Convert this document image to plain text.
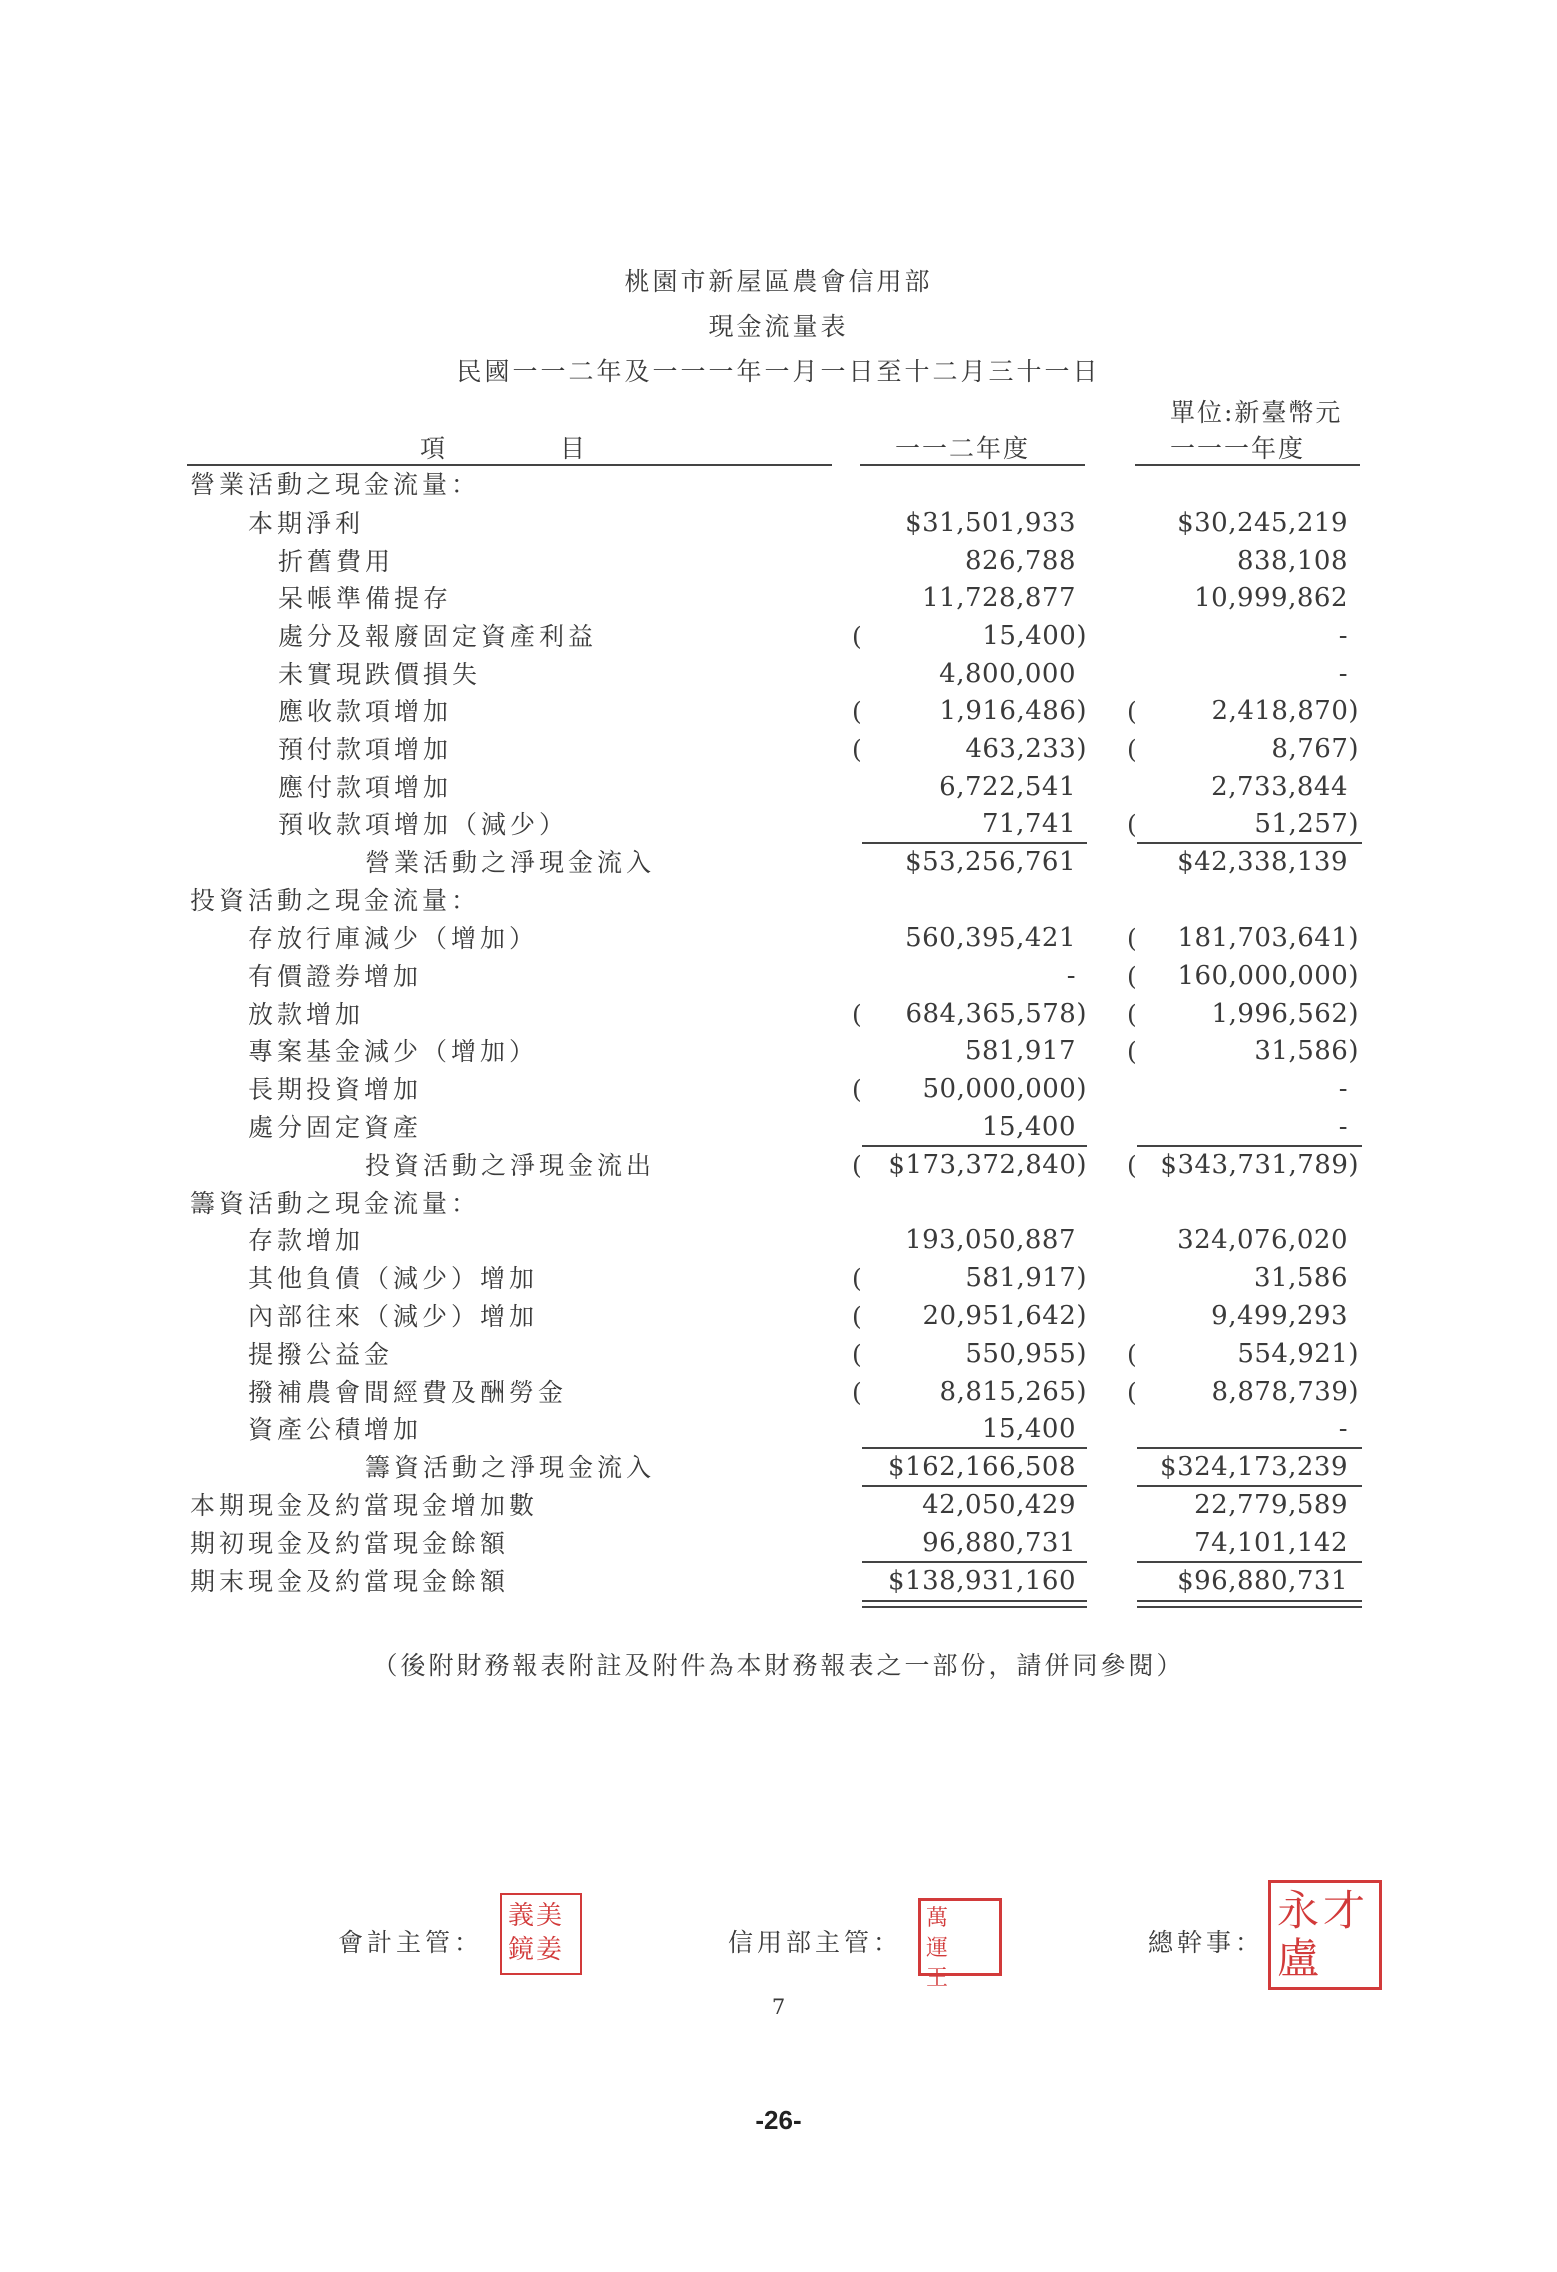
桃園市新屋區農會信用部
現金流量表
民國一一二年及一一一年一月一日至十二月三十一日
單位:新臺幣元
項　　　目	一一二年度	一一一年度
營業活動之現金流量：
本期淨利	$31,501,933	$30,245,219
折舊費用	826,788	838,108
呆帳準備提存	11,728,877	10,999,862
處分及報廢固定資產利益	(	15,400)	-
未實現跌價損失	4,800,000	-
應收款項增加	(	1,916,486) (	2,418,870)
預付款項增加	(	463,233) (	8,767)
應付款項增加	6,722,541	2,733,844
預收款項增加（減少）	71,741 (	51,257)
營業活動之淨現金流入	$53,256,761	$42,338,139
投資活動之現金流量：
存放行庫減少（增加）	560,395,421 ( 181,703,641)
有價證券增加	- ( 160,000,000)
放款增加	( 684,365,578) (	1,996,562)
專案基金減少（增加）	581,917 (	31,586)
長期投資增加	( 50,000,000)	-
處分固定資產	15,400	-
投資活動之淨現金流出	( $173,372,840) ( $343,731,789)
籌資活動之現金流量：
存款增加	193,050,887	324,076,020
其他負債（減少）增加	(	581,917)	31,586
內部往來（減少）增加	( 20,951,642)	9,499,293
提撥公益金	(	550,955) (	554,921)
撥補農會間經費及酬勞金	(	8,815,265) (	8,878,739)
資產公積增加	15,400	-
籌資活動之淨現金流入	$162,166,508	$324,173,239
本期現金及約當現金增加數	42,050,429	22,779,589
期初現金及約當現金餘額	96,880,731	74,101,142
期末現金及約當現金餘額	$138,931,160	$96,880,731
（後附財務報表附註及附件為本財務報表之一部份，請併同參閱）
會計主管：
義美鏡姜	信用部主管：
萬運王
總幹事：
永才盧
7
-26-
